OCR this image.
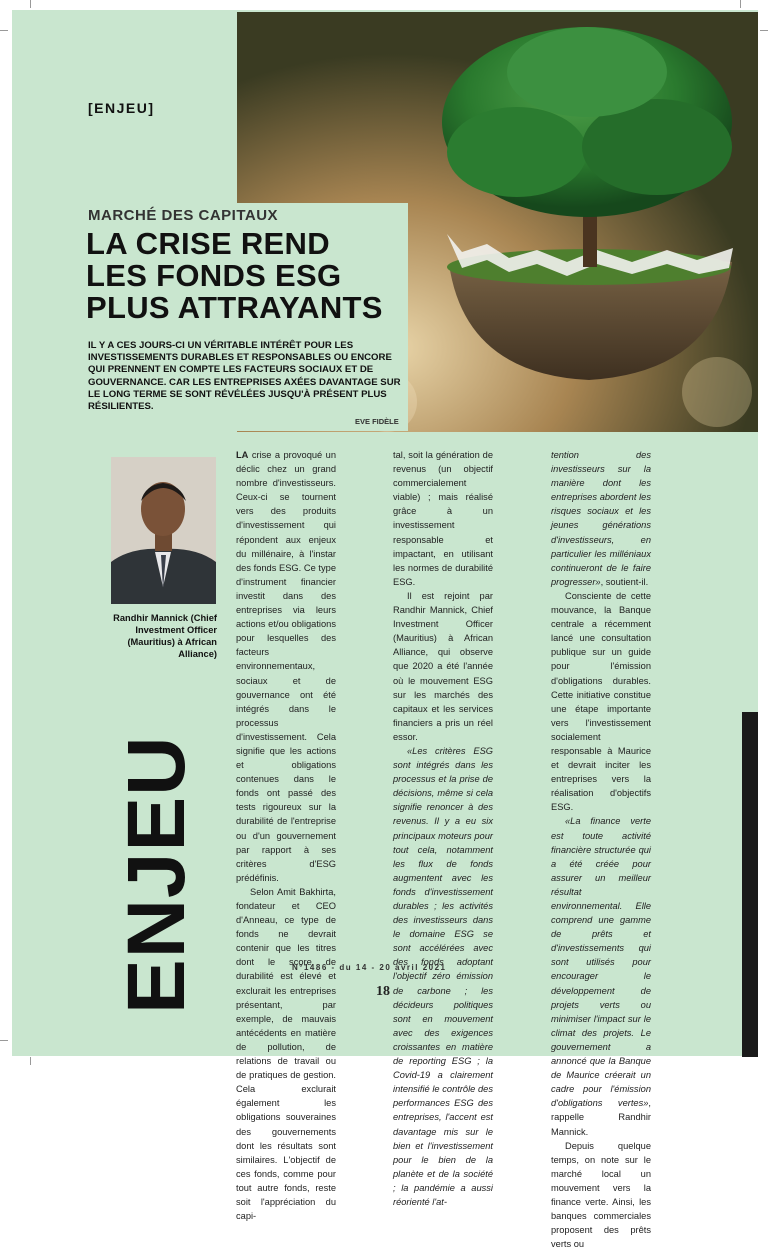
[ENJEU]
MARCHÉ DES CAPITAUX
LA CRISE REND
LES FONDS ESG
PLUS ATTRAYANTS
IL Y A CES JOURS-CI UN VÉRITABLE INTÉRÊT POUR LES INVESTISSEMENTS DURABLES ET RESPONSABLES OU ENCORE QUI PRENNENT EN COMPTE LES FACTEURS SOCIAUX ET DE GOUVERNANCE. CAR LES ENTREPRISES AXÉES DAVANTAGE SUR LE LONG TERME SE SONT RÉVÉLÉES JUSQU'À PRÉSENT PLUS RÉSILIENTES.
EVE FIDÈLE
Randhir Mannick (Chief Investment Officer (Mauritius) à African Alliance)

LA crise a provoqué un déclic chez un grand nombre d'investisseurs. Ceux-ci se tournent vers des produits d'investissement qui répondent aux enjeux du millénaire, à l'instar des fonds ESG. Ce type d'instrument financier investit dans des entreprises via leurs actions et/ou obligations pour lesquelles des facteurs environnementaux, sociaux et de gouvernance ont été intégrés dans le processus d'investissement. Cela signifie que les actions et obligations contenues dans le fonds ont passé des tests rigoureux sur la durabilité de l'entreprise ou d'un gouvernement par rapport à ses critères d'ESG prédéfinis.

Selon Amit Bakhirta, fondateur et CEO d'Anneau, ce type de fonds ne devrait contenir que les titres dont le score de durabilité est élevé et exclurait les entreprises présentant, par exemple, de mauvais antécédents en matière de pollution, de relations de travail ou de pratiques de gestion. Cela exclurait également les obligations souveraines des gouvernements dont les résultats sont similaires. L'objectif de ces fonds, comme pour tout autre fonds, reste soit l'appréciation du capi-

tal, soit la génération de revenus (un objectif commercialement viable) ; mais réalisé grâce à un investissement responsable et impactant, en utilisant les normes de durabilité ESG.

Il est rejoint par Randhir Mannick, Chief Investment Officer (Mauritius) à African Alliance, qui observe que 2020 a été l'année où le mouvement ESG sur les marchés des capitaux et les services financiers a pris un réel essor.

«Les critères ESG sont intégrés dans les processus et la prise de décisions, même si cela signifie renoncer à des revenus. Il y a eu six principaux moteurs pour tout cela, notamment les flux de fonds augmentent avec les fonds d'investissement durables ; les activités des investisseurs dans le domaine ESG se sont accélérées avec des fonds adoptant l'objectif zéro émission de carbone ; les décideurs politiques sont en mouvement avec des exigences croissantes en matière de reporting ESG ; la Covid-19 a clairement intensifié le contrôle des performances ESG des entreprises, l'accent est davantage mis sur le bien et l'investissement pour le bien de la planète et de la société ; la pandémie a aussi réorienté l'at-

tention des investisseurs sur la manière dont les entreprises abordent les risques sociaux et les jeunes générations d'investisseurs, en particulier les milléniaux continueront de le faire progresser», soutient-il.

Consciente de cette mouvance, la Banque centrale a récemment lancé une consultation publique sur un guide pour l'émission d'obligations durables. Cette initiative constitue une étape importante vers l'investissement socialement responsable à Maurice et devrait inciter les entreprises vers la réalisation d'objectifs ESG.

«La finance verte est toute activité financière structurée qui a été créée pour assurer un meilleur résultat environnemental. Elle comprend une gamme de prêts et d'investissements qui sont utilisés pour encourager le développement de projets verts ou minimiser l'impact sur le climat des projets. Le gouvernement a annoncé que la Banque de Maurice créerait un cadre pour l'émission d'obligations vertes», rappelle Randhir Mannick.

Depuis quelque temps, on note sur le marché local un mouvement vers la finance verte. Ainsi, les banques commerciales proposent des prêts verts ou

ENJEU	N°1486 - du 14 - 20 avril 2021
18
